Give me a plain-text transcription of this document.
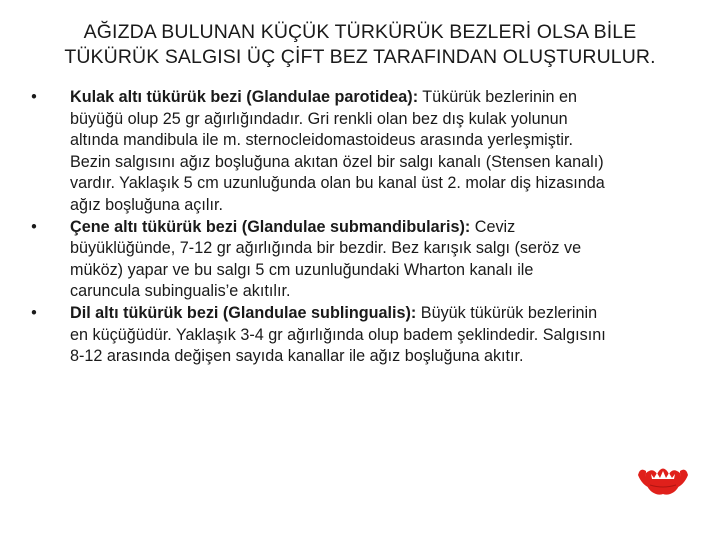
AĞIZDA BULUNAN KÜÇÜK TÜRKÜRÜK BEZLERİ OLSA BİLE
TÜKÜRÜK SALGISI ÜÇ ÇİFT BEZ TARAFINDAN OLUŞTURULUR.
• Kulak altı tükürük bezi (Glandulae parotidea): Tükürük bezlerinin en büyüğü olup 25 gr ağırlığındadır. Gri renkli olan bez dış kulak yolunun altında mandibula ile m. sternocleidomastoideus arasında yerleşmiştir. Bezin salgısını ağız boşluğuna akıtan özel bir salgı kanalı (Stensen kanalı) vardır. Yaklaşık 5 cm uzunluğunda olan bu kanal üst 2. molar diş hizasında ağız boşluğuna açılır.
• Çene altı tükürük bezi (Glandulae submandibularis): Ceviz büyüklüğünde, 7-12 gr ağırlığında bir bezdir. Bez karışık salgı (seröz ve müköz) yapar ve bu salgı 5 cm uzunluğundaki Wharton kanalı ile caruncula subingualis’e akıtılır.
• Dil altı tükürük bezi (Glandulae sublingualis): Büyük tükürük bezlerinin en küçüğüdür. Yaklaşık 3-4 gr ağırlığında olup badem şeklindedir. Salgısını 8-12 arasında değişen sayıda kanallar ile ağız boşluğuna akıtır.
